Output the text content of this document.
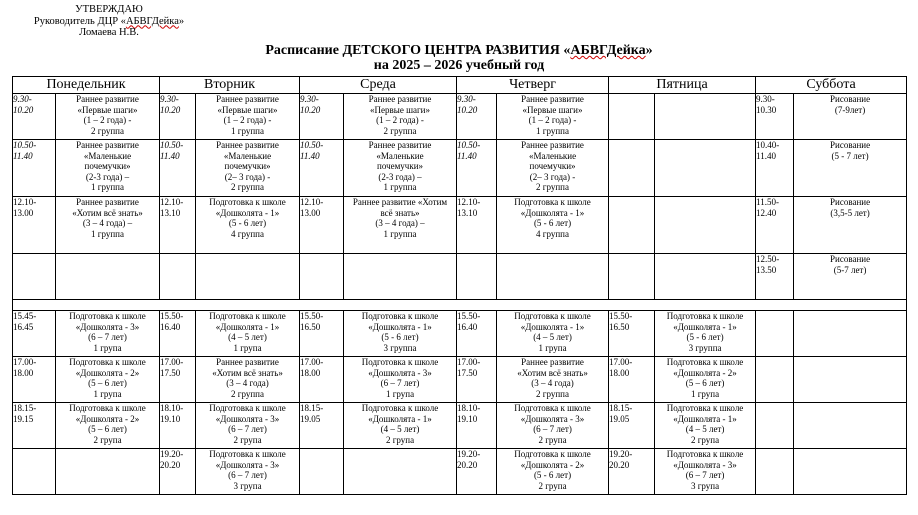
УТВЕРЖДАЮ
Руководитель ДЦР «АБВГДейка»
Ломаева Н.В.
Расписание ДЕТСКОГО ЦЕНТРА РАЗВИТИЯ «АБВГДейка»
на 2025 – 2026 учебный год
Понедельник		Вторник		Среда		Четверг		Пятница		Суббота	
9.30-
10.20	Раннее развитие
«Первые шаги»
(1 – 2 года) -
2 группа	9.30-
10.20	Раннее развитие
«Первые шаги»
(1 – 2 года) -
1 группа	9.30-
10.20	Раннее развитие
«Первые шаги»
(1 – 2 года) -
2 группа	9.30-
10.20	Раннее развитие
«Первые шаги»
(1 – 2 года) -
1 группа			9.30-
10.30	Рисование
(7-9лет)

10.50-
11.40	Раннее развитие
«Маленькие
почемучки»
(2-3 года) –
1 группа	10.50-
11.40	Раннее развитие
«Маленькие
почемучки»
(2– 3 года) -
2 группа	10.50-
11.40	Раннее развитие
«Маленькие
почемучки»
(2-3 года) –
1 группа	10.50-
11.40	Раннее развитие
«Маленькие
почемучки»
(2– 3 года) -
2 группа			10.40-
11.40	Рисование
(5 - 7 лет)

12.10-
13.00	Раннее развитие
«Хотим всё знать»
(3 – 4 года) –
1 группа	12.10-
13.10	Подготовка к школе
«Дошколята - 1»
(5 - 6 лет)
4 группа	12.10-
13.00	Раннее развитие «Хотим
всё знать»
(3 – 4 года) –
1 группа	12.10-
13.10	Подготовка к школе
«Дошколята - 1»
(5 - 6 лет)
4 группа			11.50-
12.40	Рисование
(3,5-5 лет)

										12.50-
13.50	Рисование
(5-7 лет)

15.45-
16.45	Подготовка к школе
«Дошколята - 3»
(6 – 7 лет)
1 група	15.50-
16.40	Подготовка к школе
«Дошколята - 1»
(4 – 5 лет)
1 група	15.50-
16.50	Подготовка к школе
«Дошколята - 1»
(5 - 6 лет)
3 группа	15.50-
16.40	Подготовка к школе
«Дошколята - 1»
(4 – 5 лет)
1 група	15.50-
16.50	Подготовка к школе
«Дошколята - 1»
(5 - 6 лет)
3 группа		

17.00-
18.00	Подготовка к школе
«Дошколята - 2»
(5 – 6 лет)
1 група	17.00-
17.50	Раннее развитие
«Хотим всё знать»
(3 – 4 года)
2 группа	17.00-
18.00	Подготовка к школе
«Дошколята - 3»
(6 – 7 лет)
1 група	17.00-
17.50	Раннее развитие
«Хотим всё знать»
(3 – 4 года)
2 группа	17.00-
18.00	Подготовка к школе
«Дошколята - 2»
(5 – 6 лет)
1 група		

18.15-
19.15	Подготовка к школе
«Дошколята - 2»
(5 – 6 лет)
2 група	18.10-
19.10	Подготовка к школе
«Дошколята - 3»
(6 – 7 лет)
2 група	18.15-
19.05	Подготовка к школе
«Дошколята - 1»
(4 – 5 лет)
2 група	18.10-
19.10	Подготовка к школе
«Дошколята - 3»
(6 – 7 лет)
2 група	18.15-
19.05	Подготовка к школе
«Дошколята - 1»
(4 – 5 лет)
2 група		

		19.20-
20.20	Подготовка к школе
«Дошколята - 3»
(6 – 7 лет)
3 група			19.20-
20.20	Подготовка к школе
«Дошколята - 2»
(5 - 6 лет)
2 група	19.20-
20.20	Подготовка к школе
«Дошколята - 3»
(6 – 7 лет)
3 група		
